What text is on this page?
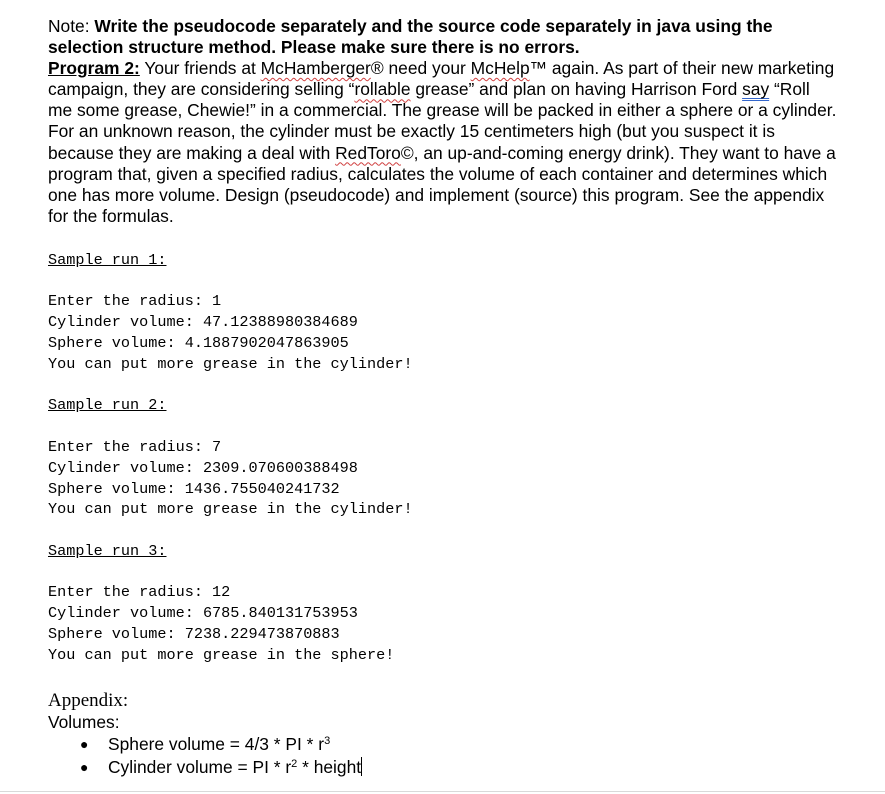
Note: Write the pseudocode separately and the source code separately in java using the selection structure method. Please make sure there is no errors.

Program 2: Your friends at McHamberger® need your McHelp™ again. As part of their new marketing campaign, they are considering selling “rollable grease” and plan on having Harrison Ford say “Roll me some grease, Chewie!” in a commercial. The grease will be packed in either a sphere or a cylinder. For an unknown reason, the cylinder must be exactly 15 centimeters high (but you suspect it is because they are making a deal with RedToro©, an up-and-coming energy drink). They want to have a program that, given a specified radius, calculates the volume of each container and determines which one has more volume. Design (pseudocode) and implement (source) this program. See the appendix for the formulas.

Sample run 1:

Enter the radius: 1

Cylinder volume: 47.12388980384689

Sphere volume: 4.1887902047863905

You can put more grease in the cylinder!

Sample run 2:

Enter the radius: 7

Cylinder volume: 2309.070600388498

Sphere volume: 1436.755040241732

You can put more grease in the cylinder!

Sample run 3:

Enter the radius: 12

Cylinder volume: 6785.840131753953

Sphere volume: 7238.229473870883

You can put more grease in the sphere!

Appendix:

Volumes:

● Sphere volume = 4/3 * PI * $r^3$
● Cylinder volume = PI * $r^2$ * height
